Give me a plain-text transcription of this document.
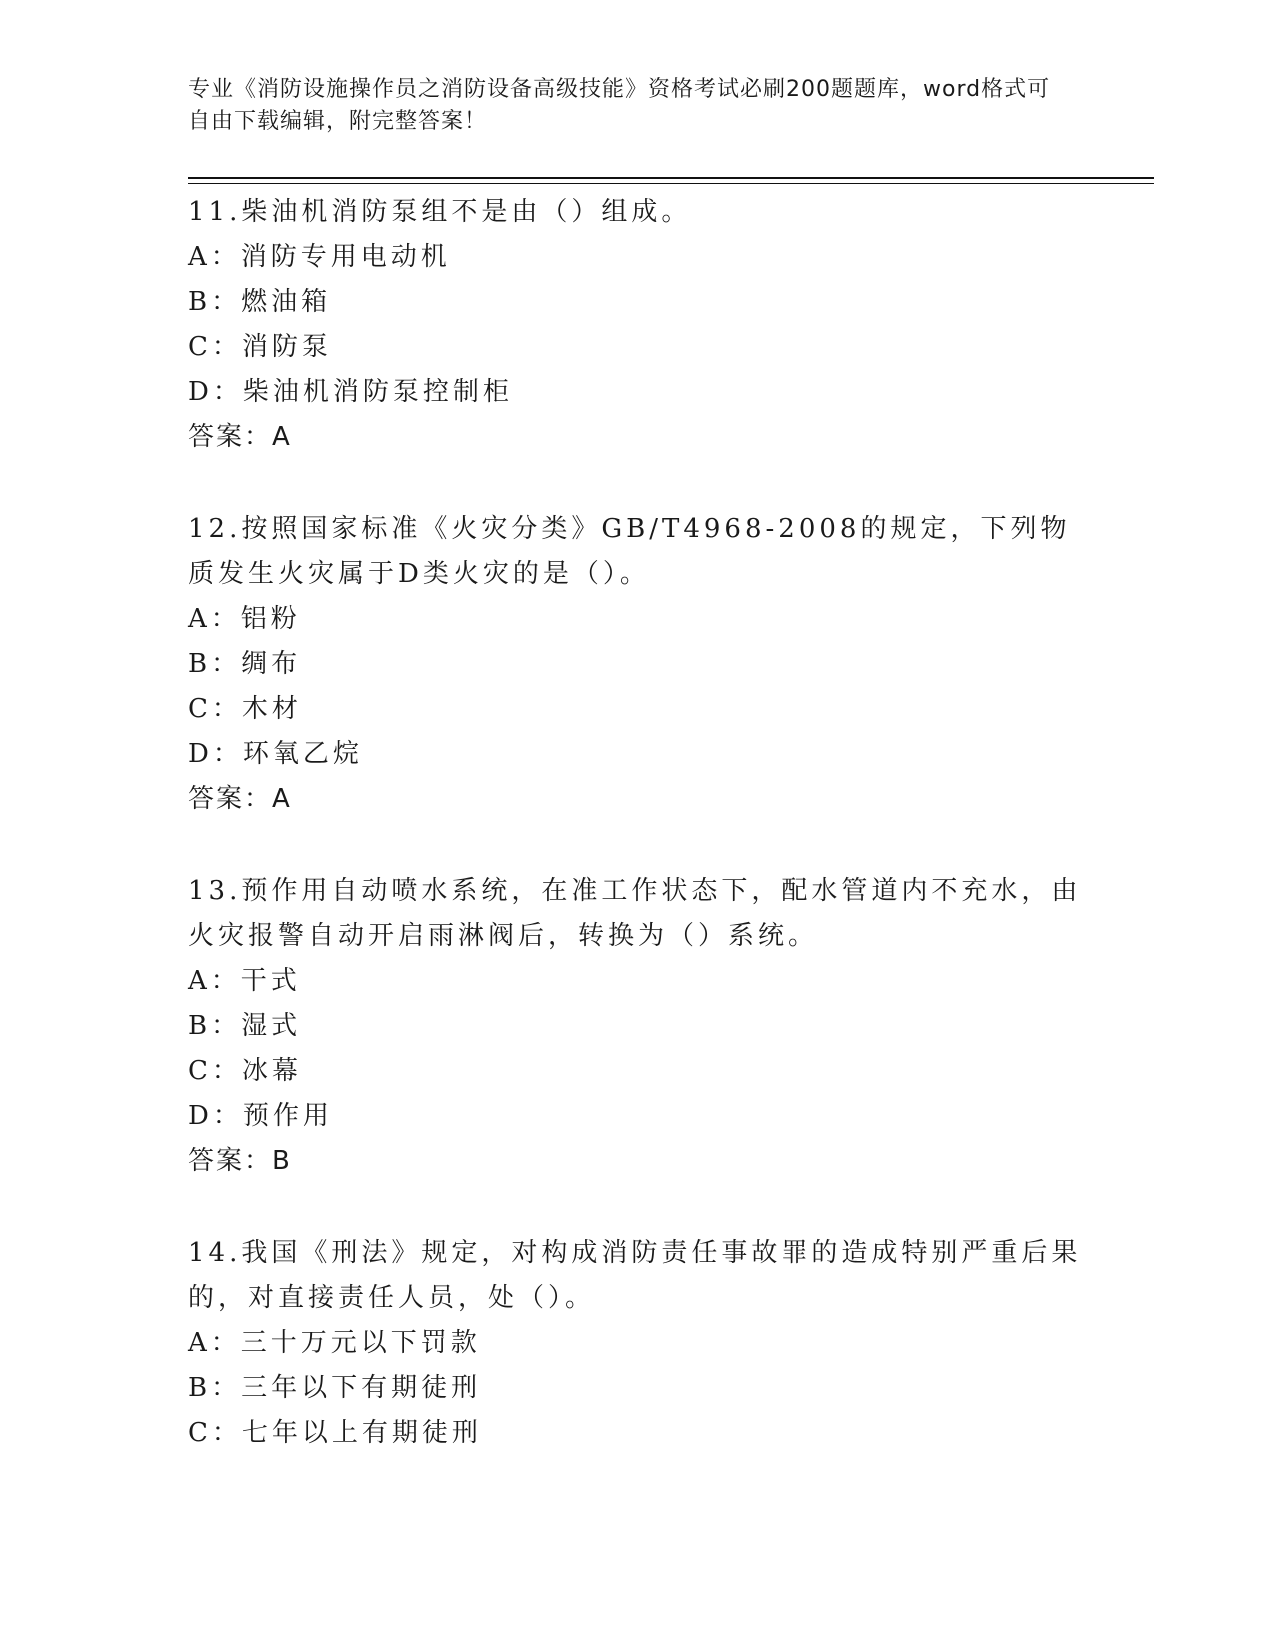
专业《消防设施操作员之消防设备高级技能》资格考试必刷200题题库，word格式可自由下载编辑，附完整答案！

11.柴油机消防泵组不是由（）组成。

A：消防专用电动机

B：燃油箱

C：消防泵

D：柴油机消防泵控制柜

答案：A

12.按照国家标准《火灾分类》GB/T4968-2008的规定，下列物质发生火灾属于D类火灾的是（）。

A：铝粉

B：绸布

C：木材

D：环氧乙烷

答案：A

13.预作用自动喷水系统，在准工作状态下，配水管道内不充水，由火灾报警自动开启雨淋阀后，转换为（）系统。

A：干式

B：湿式

C：冰幕

D：预作用

答案：B

14.我国《刑法》规定，对构成消防责任事故罪的造成特别严重后果的，对直接责任人员，处（）。

A：三十万元以下罚款

B：三年以下有期徒刑

C：七年以上有期徒刑
